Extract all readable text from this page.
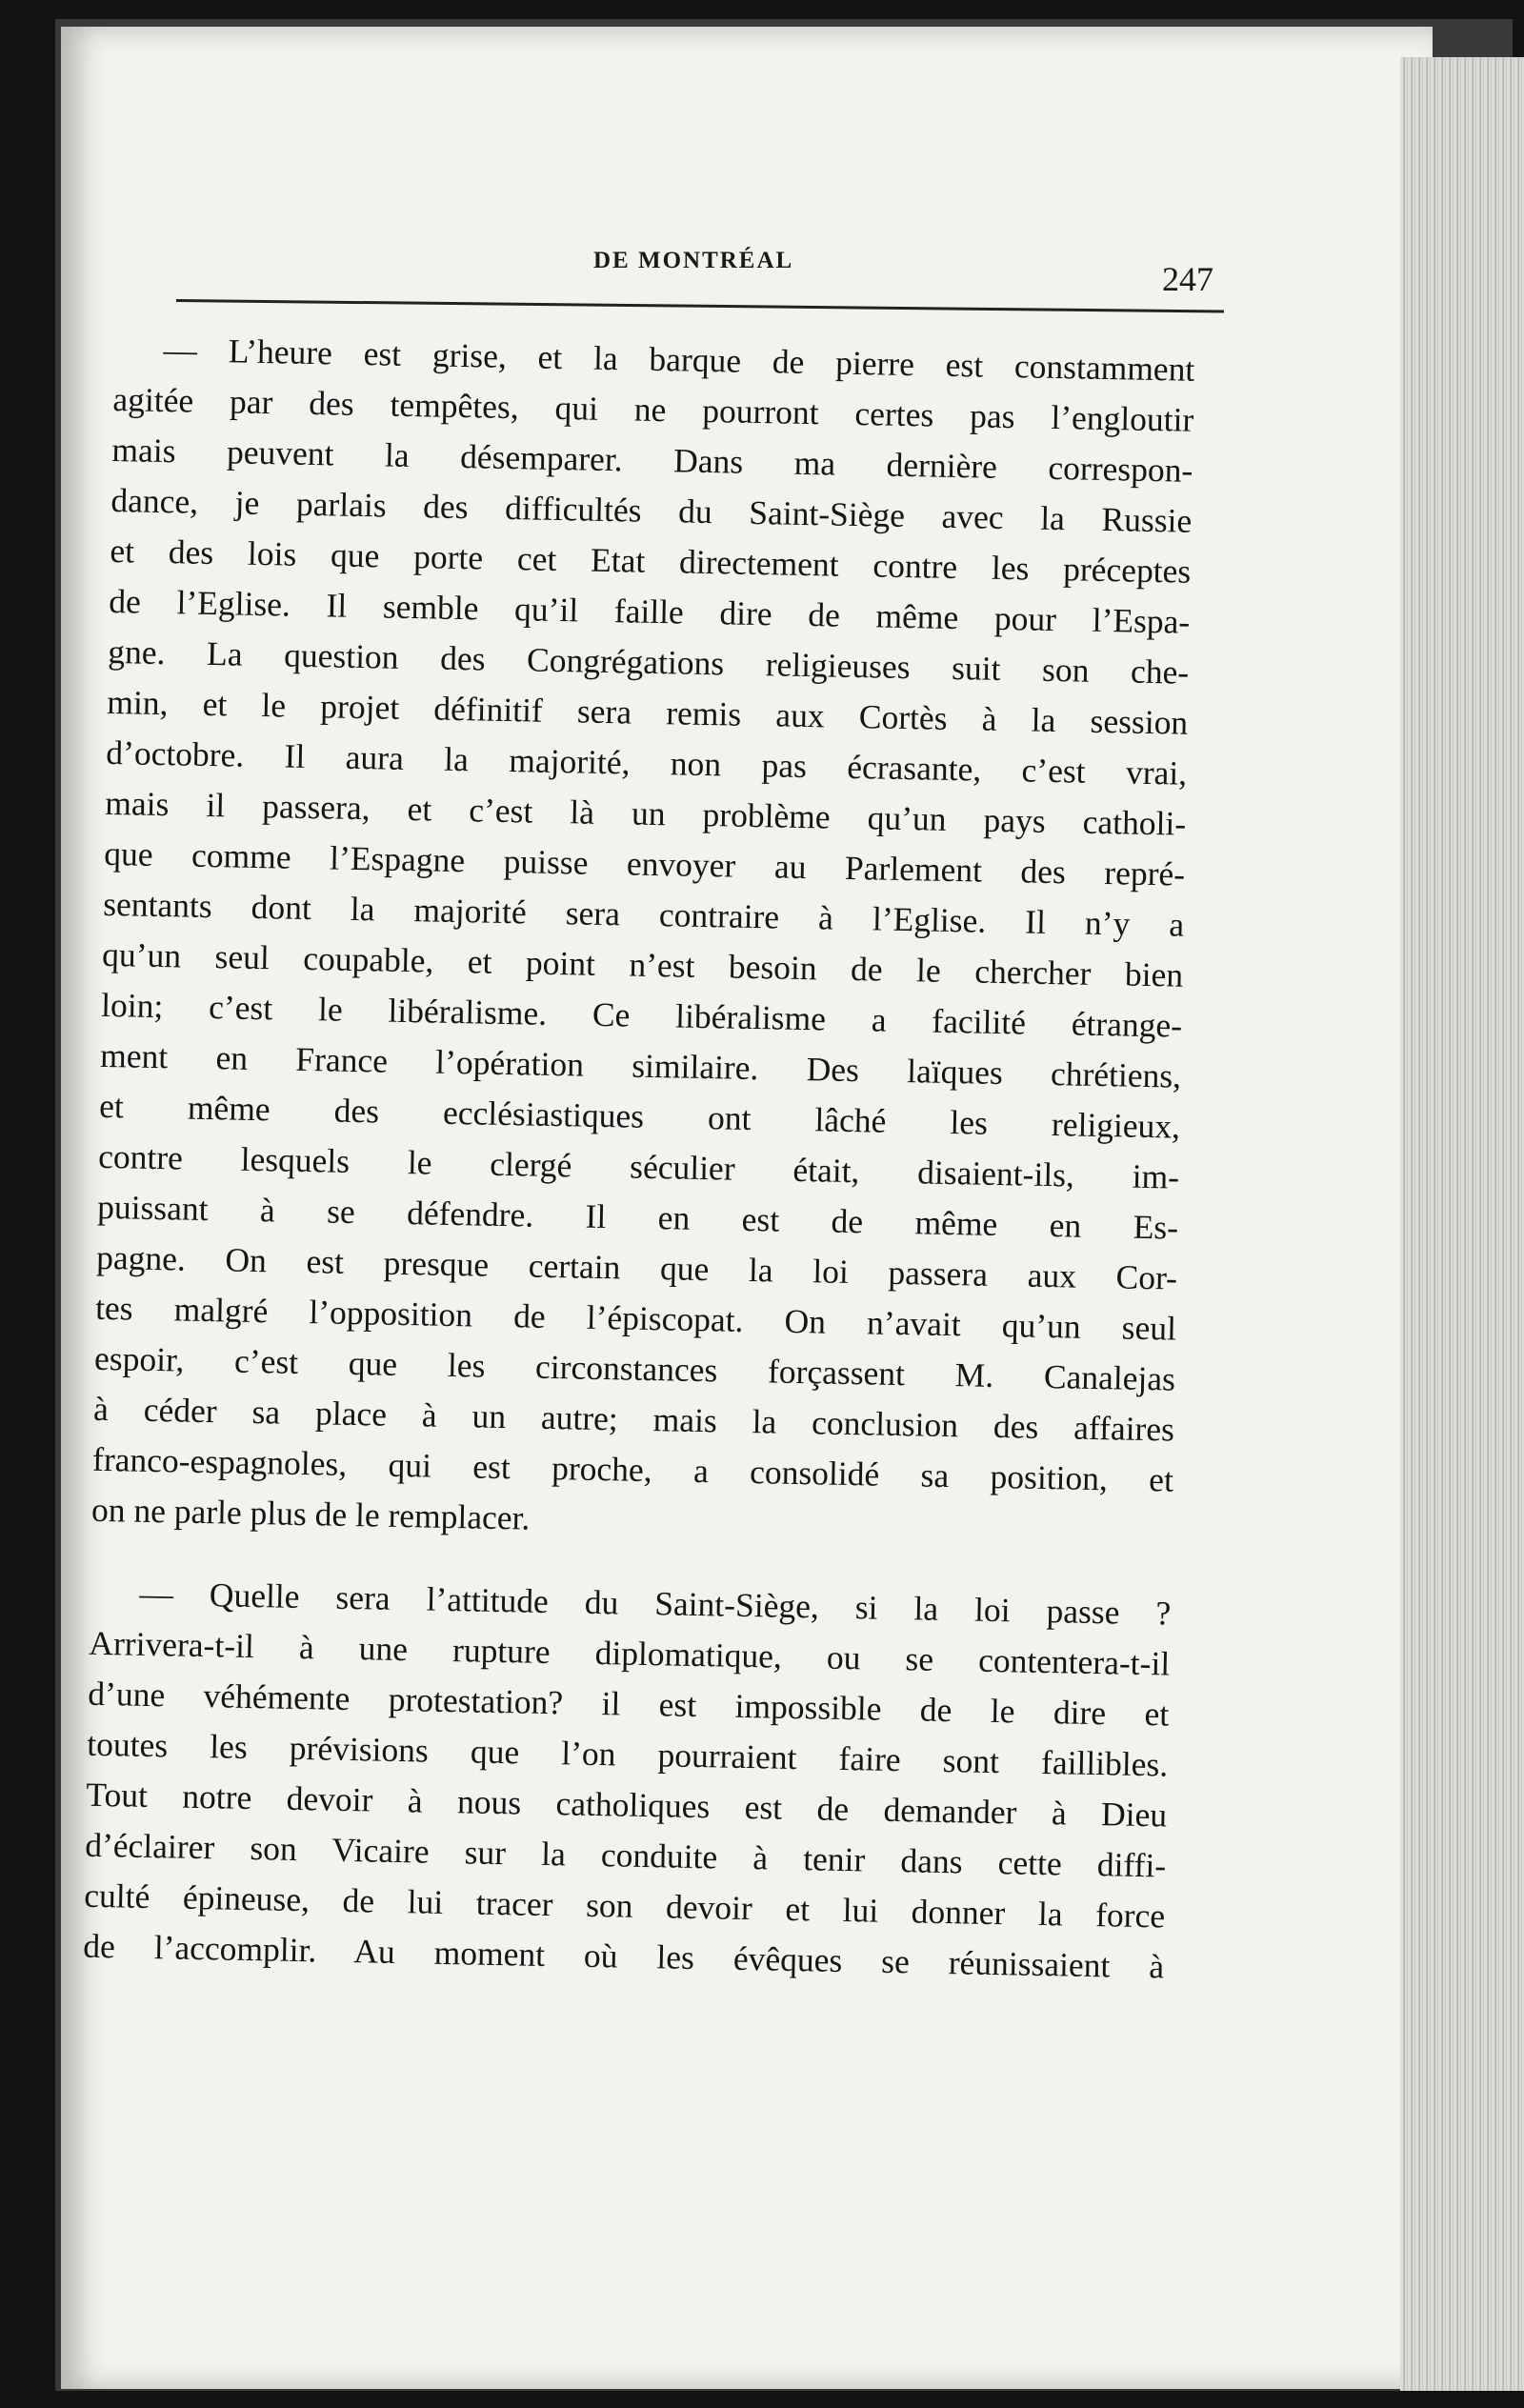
DE MONTRÉAL	247

— L’heure est grise, et la barque de pierre est constamment
agitée par des tempêtes, qui ne pourront certes pas l’engloutir
mais peuvent la désemparer. Dans ma dernière correspon-
dance, je parlais des difficultés du Saint-Siège avec la Russie
et des lois que porte cet Etat directement contre les préceptes
de l’Eglise. Il semble qu’il faille dire de même pour l’Espa-
gne. La question des Congrégations religieuses suit son che-
min, et le projet définitif sera remis aux Cortès à la session
d’octobre. Il aura la majorité, non pas écrasante, c’est vrai,
mais il passera, et c’est là un problème qu’un pays catholi-
que comme l’Espagne puisse envoyer au Parlement des repré-
sentants dont la majorité sera contraire à l’Eglise. Il n’y a
qu’un seul coupable, et point n’est besoin de le chercher bien
loin; c’est le libéralisme. Ce libéralisme a facilité étrange-
ment en France l’opération similaire. Des laïques chrétiens,
et même des ecclésiastiques ont lâché les religieux,
contre lesquels le clergé séculier était, disaient-ils, im-
puissant à se défendre. Il en est de même en Es-
pagne. On est presque certain que la loi passera aux Cor-
tes malgré l’opposition de l’épiscopat. On n’avait qu’un seul
espoir, c’est que les circonstances forçassent M. Canalejas
à céder sa place à un autre; mais la conclusion des affaires
franco-espagnoles, qui est proche, a consolidé sa position, et
on ne parle plus de le remplacer.

— Quelle sera l’attitude du Saint-Siège, si la loi passe ?
Arrivera-t-il à une rupture diplomatique, ou se contentera-t-il
d’une véhémente protestation? il est impossible de le dire et
toutes les prévisions que l’on pourraient faire sont faillibles.
Tout notre devoir à nous catholiques est de demander à Dieu
d’éclairer son Vicaire sur la conduite à tenir dans cette diffi-
culté épineuse, de lui tracer son devoir et lui donner la force
de l’accomplir. Au moment où les évêques se réunissaient à
